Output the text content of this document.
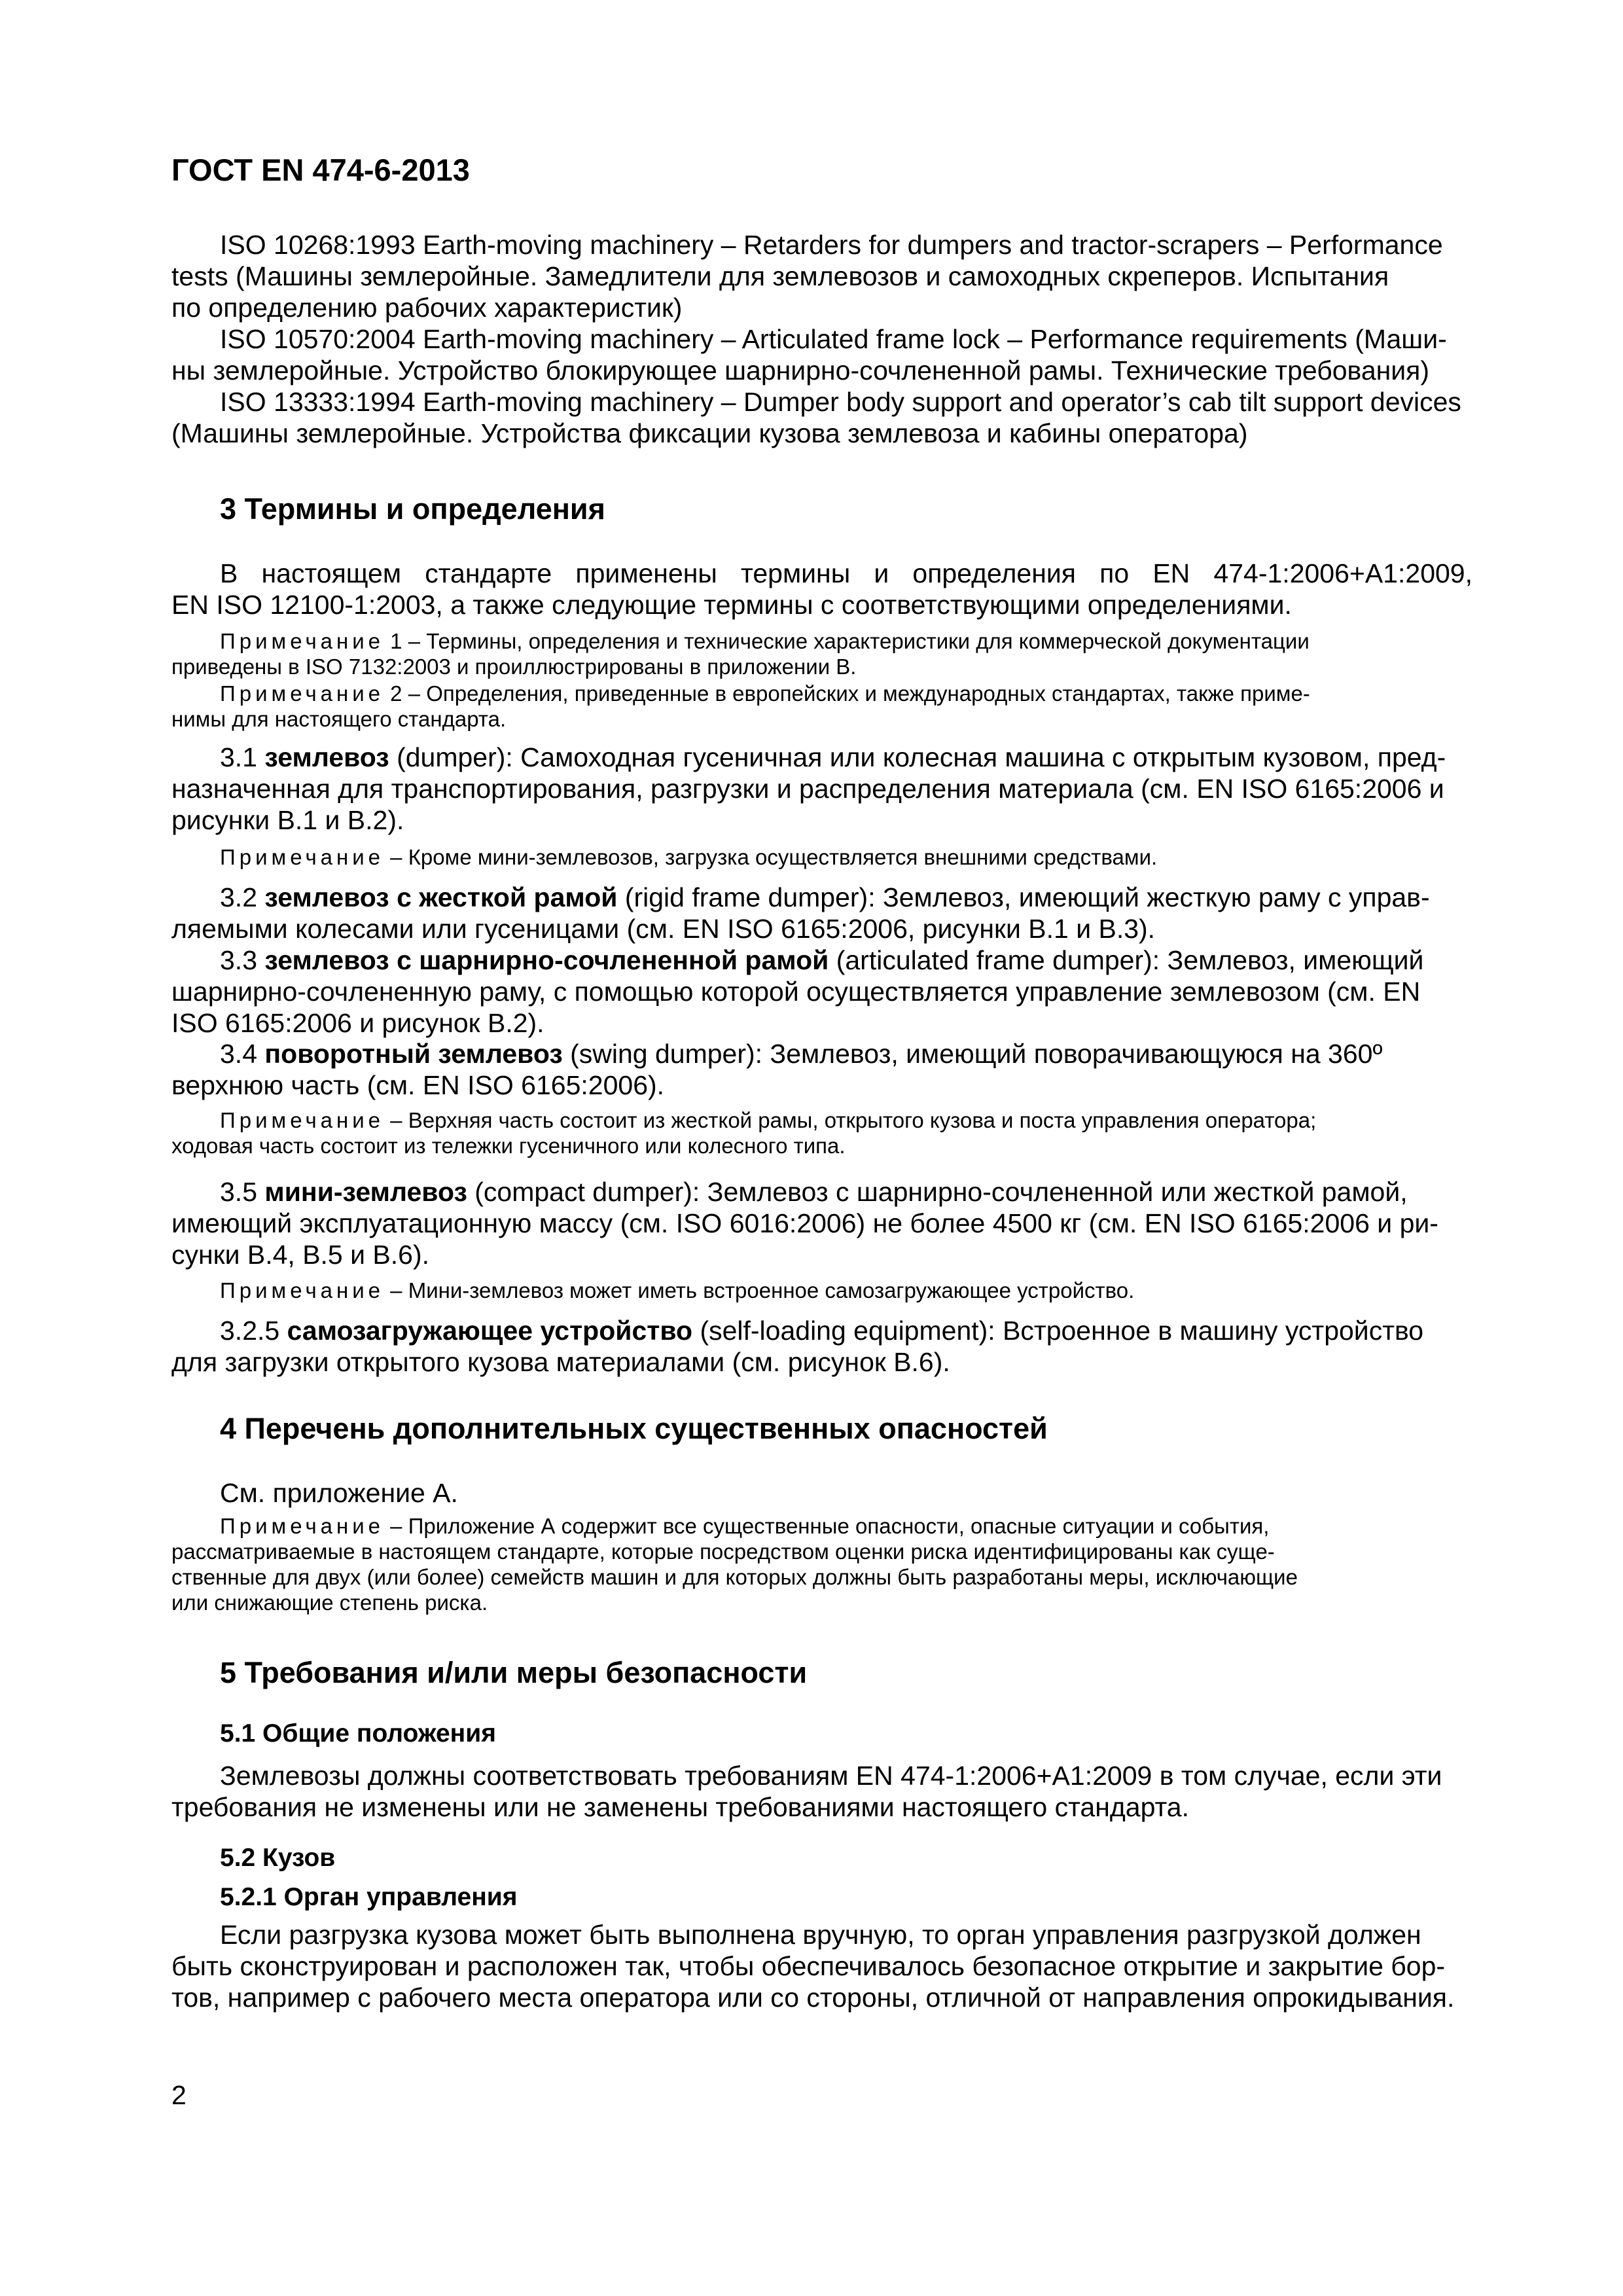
ГОСТ EN 474-6-2013
ISO 10268:1993 Earth-moving machinery – Retarders for dumpers and tractor-scrapers – Performance
tests (Машины землеройные. Замедлители для землевозов и самоходных скреперов. Испытания
по определению рабочих характеристик)
ISO 10570:2004 Earth-moving machinery – Articulated frame lock – Performance requirements (Маши-
ны землеройные. Устройство блокирующее шарнирно-сочлененной рамы. Технические требования)
ISO 13333:1994 Earth-moving machinery – Dumper body support and operator’s cab tilt support devices
(Машины землеройные. Устройства фиксации кузова землевоза и кабины оператора)
3 Термины и определения
В настоящем стандарте применены термины и определения по EN 474-1:2006+A1:2009,
EN ISO 12100-1:2003, а также следующие термины с соответствующими определениями.
Примечание 1 – Термины, определения и технические характеристики для коммерческой документации
приведены в ISO 7132:2003 и проиллюстрированы в приложении В.
Примечание 2 – Определения, приведенные в европейских и международных стандартах, также приме-
нимы для настоящего стандарта.
3.1 землевоз (dumper): Самоходная гусеничная или колесная машина с открытым кузовом, пред-
назначенная для транспортирования, разгрузки и распределения материала (см. EN ISO 6165:2006 и
рисунки В.1 и В.2).
Примечание – Кроме мини-землевозов, загрузка осуществляется внешними средствами.
3.2 землевоз с жесткой рамой (rigid frame dumper): Землевоз, имеющий жесткую раму с управ-
ляемыми колесами или гусеницами (см. EN ISO 6165:2006, рисунки В.1 и В.3).
3.3 землевоз с шарнирно-сочлененной рамой (articulated frame dumper): Землевоз, имеющий
шарнирно-сочлененную раму, с помощью которой осуществляется управление землевозом (см. EN
ISO 6165:2006 и рисунок В.2).
3.4 поворотный землевоз (swing dumper): Землевоз, имеющий поворачивающуюся на 360º
верхнюю часть (см. EN ISO 6165:2006).
Примечание – Верхняя часть состоит из жесткой рамы, открытого кузова и поста управления оператора;
ходовая часть состоит из тележки гусеничного или колесного типа.
3.5 мини-землевоз (compact dumper): Землевоз с шарнирно-сочлененной или жесткой рамой,
имеющий эксплуатационную массу (см. ISO 6016:2006) не более 4500 кг (см. EN ISO 6165:2006 и ри-
сунки В.4, В.5 и В.6).
Примечание – Мини-землевоз может иметь встроенное самозагружающее устройство.
3.2.5 самозагружающее устройство (self-loading equipment): Встроенное в машину устройство
для загрузки открытого кузова материалами (см. рисунок В.6).
4 Перечень дополнительных существенных опасностей
См. приложение А.
Примечание – Приложение А содержит все существенные опасности, опасные ситуации и события,
рассматриваемые в настоящем стандарте, которые посредством оценки риска идентифицированы как суще-
ственные для двух (или более) семейств машин и для которых должны быть разработаны меры, исключающие
или снижающие степень риска.
5 Требования и/или меры безопасности
5.1 Общие положения
Землевозы должны соответствовать требованиям EN 474-1:2006+A1:2009 в том случае, если эти
требования не изменены или не заменены требованиями настоящего стандарта.
5.2 Кузов
5.2.1 Орган управления
Если разгрузка кузова может быть выполнена вручную, то орган управления разгрузкой должен
быть сконструирован и расположен так, чтобы обеспечивалось безопасное открытие и закрытие бор-
тов, например с рабочего места оператора или со стороны, отличной от направления опрокидывания.
2
